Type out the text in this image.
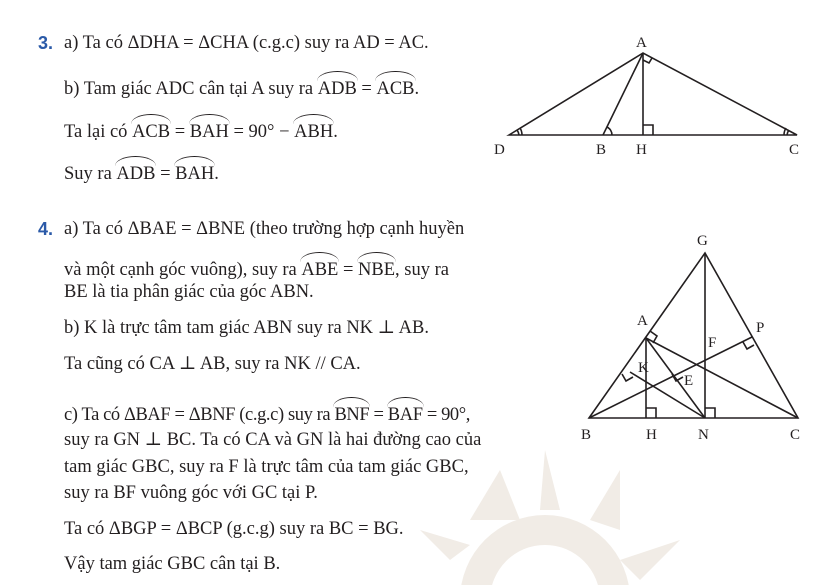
3. a) Ta có ΔDHA = ΔCHA (c.g.c) suy ra AD = AC.
b) Tam giác ADC cân tại A suy ra ADB = ACB.
Ta lại có ACB = BAH = 90° − ABH.
Suy ra ADB = BAH.
4. a) Ta có ΔBAE = ΔBNE (theo trường hợp cạnh huyền
và một cạnh góc vuông), suy ra ABE = NBE, suy ra
BE là tia phân giác của góc ABN.
b) K là trực tâm tam giác ABN suy ra NK ⊥ AB.
Ta cũng có CA ⊥ AB, suy ra NK // CA.
c) Ta có ΔBAF = ΔBNF (c.g.c) suy ra BNF = BAF = 90°,
suy ra GN ⊥ BC. Ta có CA và GN là hai đường cao của
tam giác GBC, suy ra F là trực tâm của tam giác GBC,
suy ra BF vuông góc với GC tại P.
Ta có ΔBGP = ΔBCP (g.c.g) suy ra BC = BG.
Vậy tam giác GBC cân tại B.
A
D	B H	C
G
A	P
F
K
E
B	H	N	C
